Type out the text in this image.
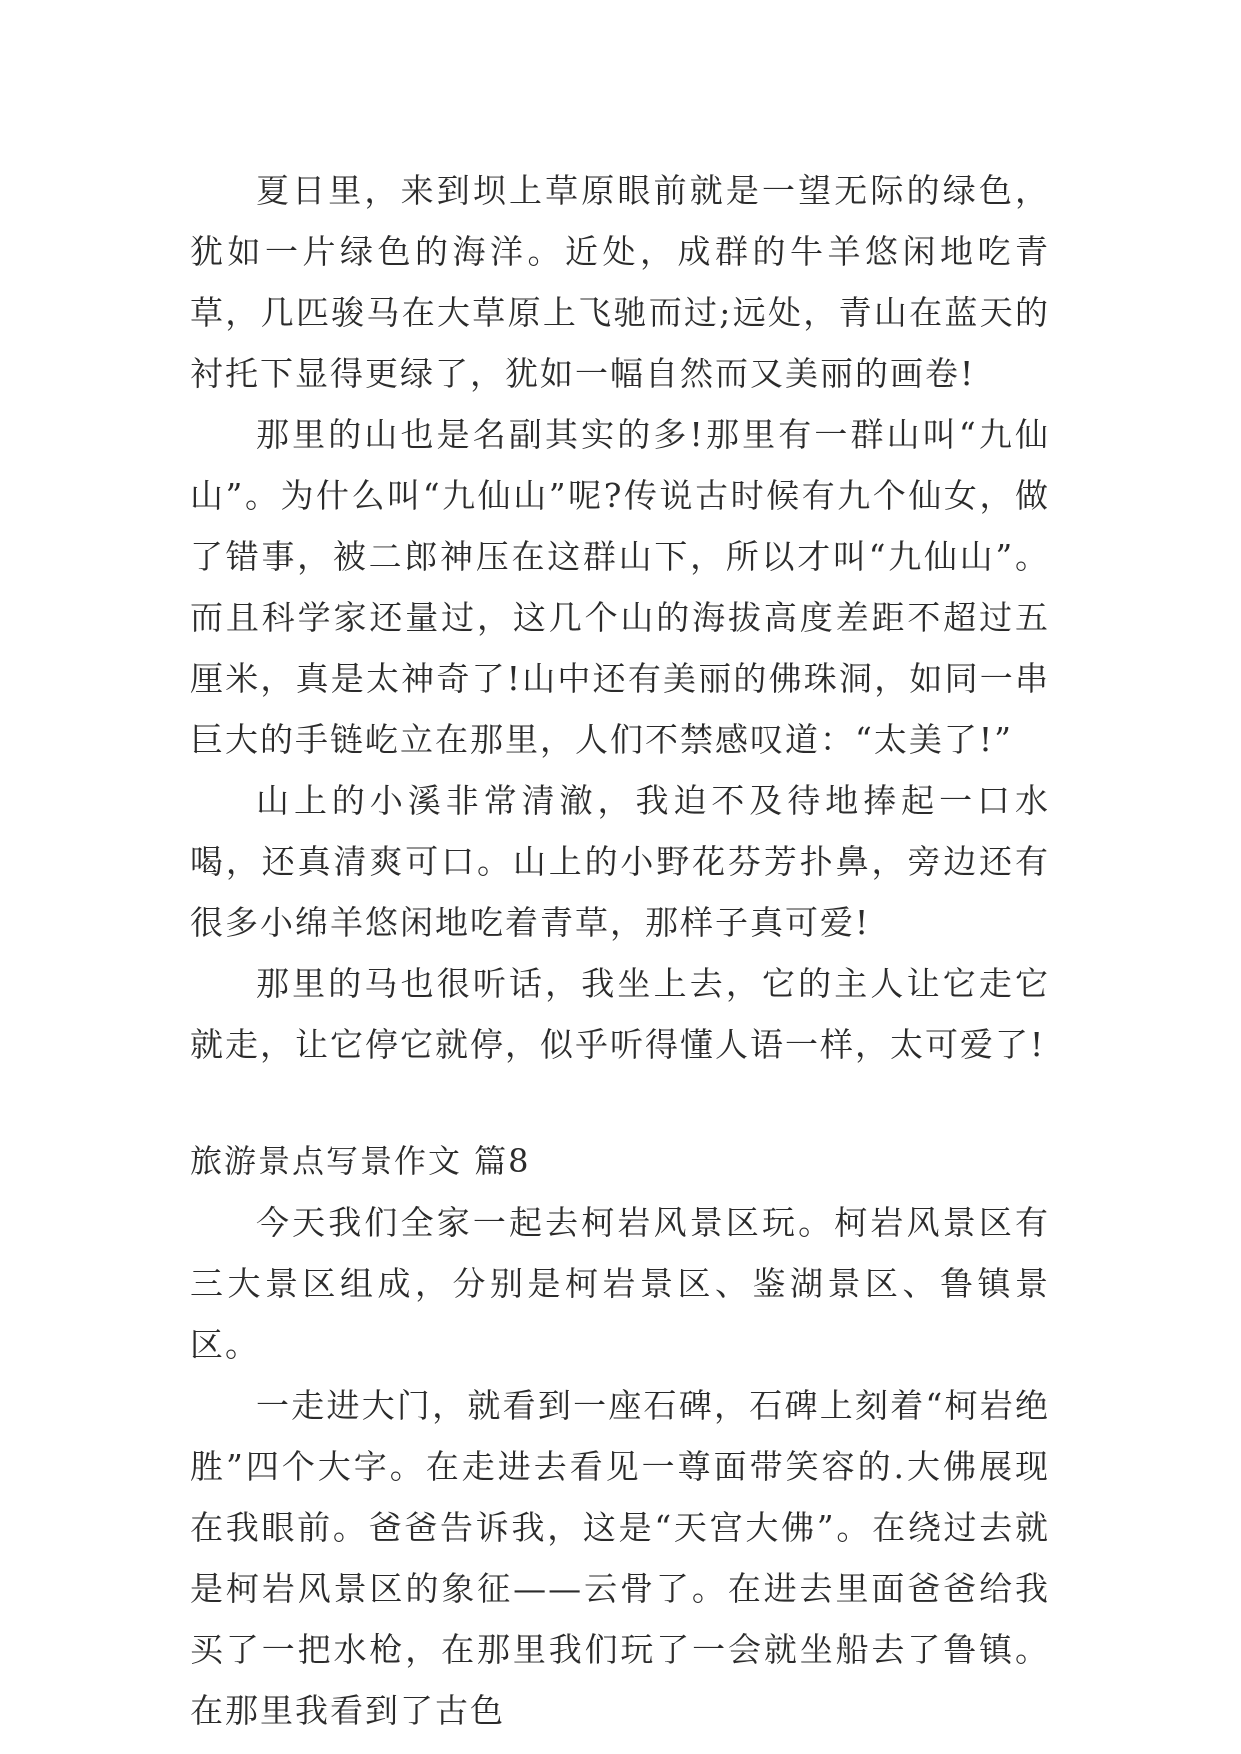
夏日里，来到坝上草原眼前就是一望无际的绿色，犹如一片绿色的海洋。近处，成群的牛羊悠闲地吃青草，几匹骏马在大草原上飞驰而过;远处，青山在蓝天的衬托下显得更绿了，犹如一幅自然而又美丽的画卷!

那里的山也是名副其实的多!那里有一群山叫“九仙山”。为什么叫“九仙山”呢?传说古时候有九个仙女，做了错事，被二郎神压在这群山下，所以才叫“九仙山”。而且科学家还量过，这几个山的海拔高度差距不超过五厘米，真是太神奇了!山中还有美丽的佛珠洞，如同一串巨大的手链屹立在那里，人们不禁感叹道：“太美了!”

山上的小溪非常清澈，我迫不及待地捧起一口水喝，还真清爽可口。山上的小野花芬芳扑鼻，旁边还有很多小绵羊悠闲地吃着青草，那样子真可爱!

那里的马也很听话，我坐上去，它的主人让它走它就走，让它停它就停，似乎听得懂人语一样，太可爱了!

旅游景点写景作文 篇8

今天我们全家一起去柯岩风景区玩。柯岩风景区有三大景区组成，分别是柯岩景区、鉴湖景区、鲁镇景区。

一走进大门，就看到一座石碑，石碑上刻着“柯岩绝胜”四个大字。在走进去看见一尊面带笑容的.大佛展现在我眼前。爸爸告诉我，这是“天宫大佛”。在绕过去就是柯岩风景区的象征——云骨了。在进去里面爸爸给我买了一把水枪，在那里我们玩了一会就坐船去了鲁镇。在那里我看到了古色
